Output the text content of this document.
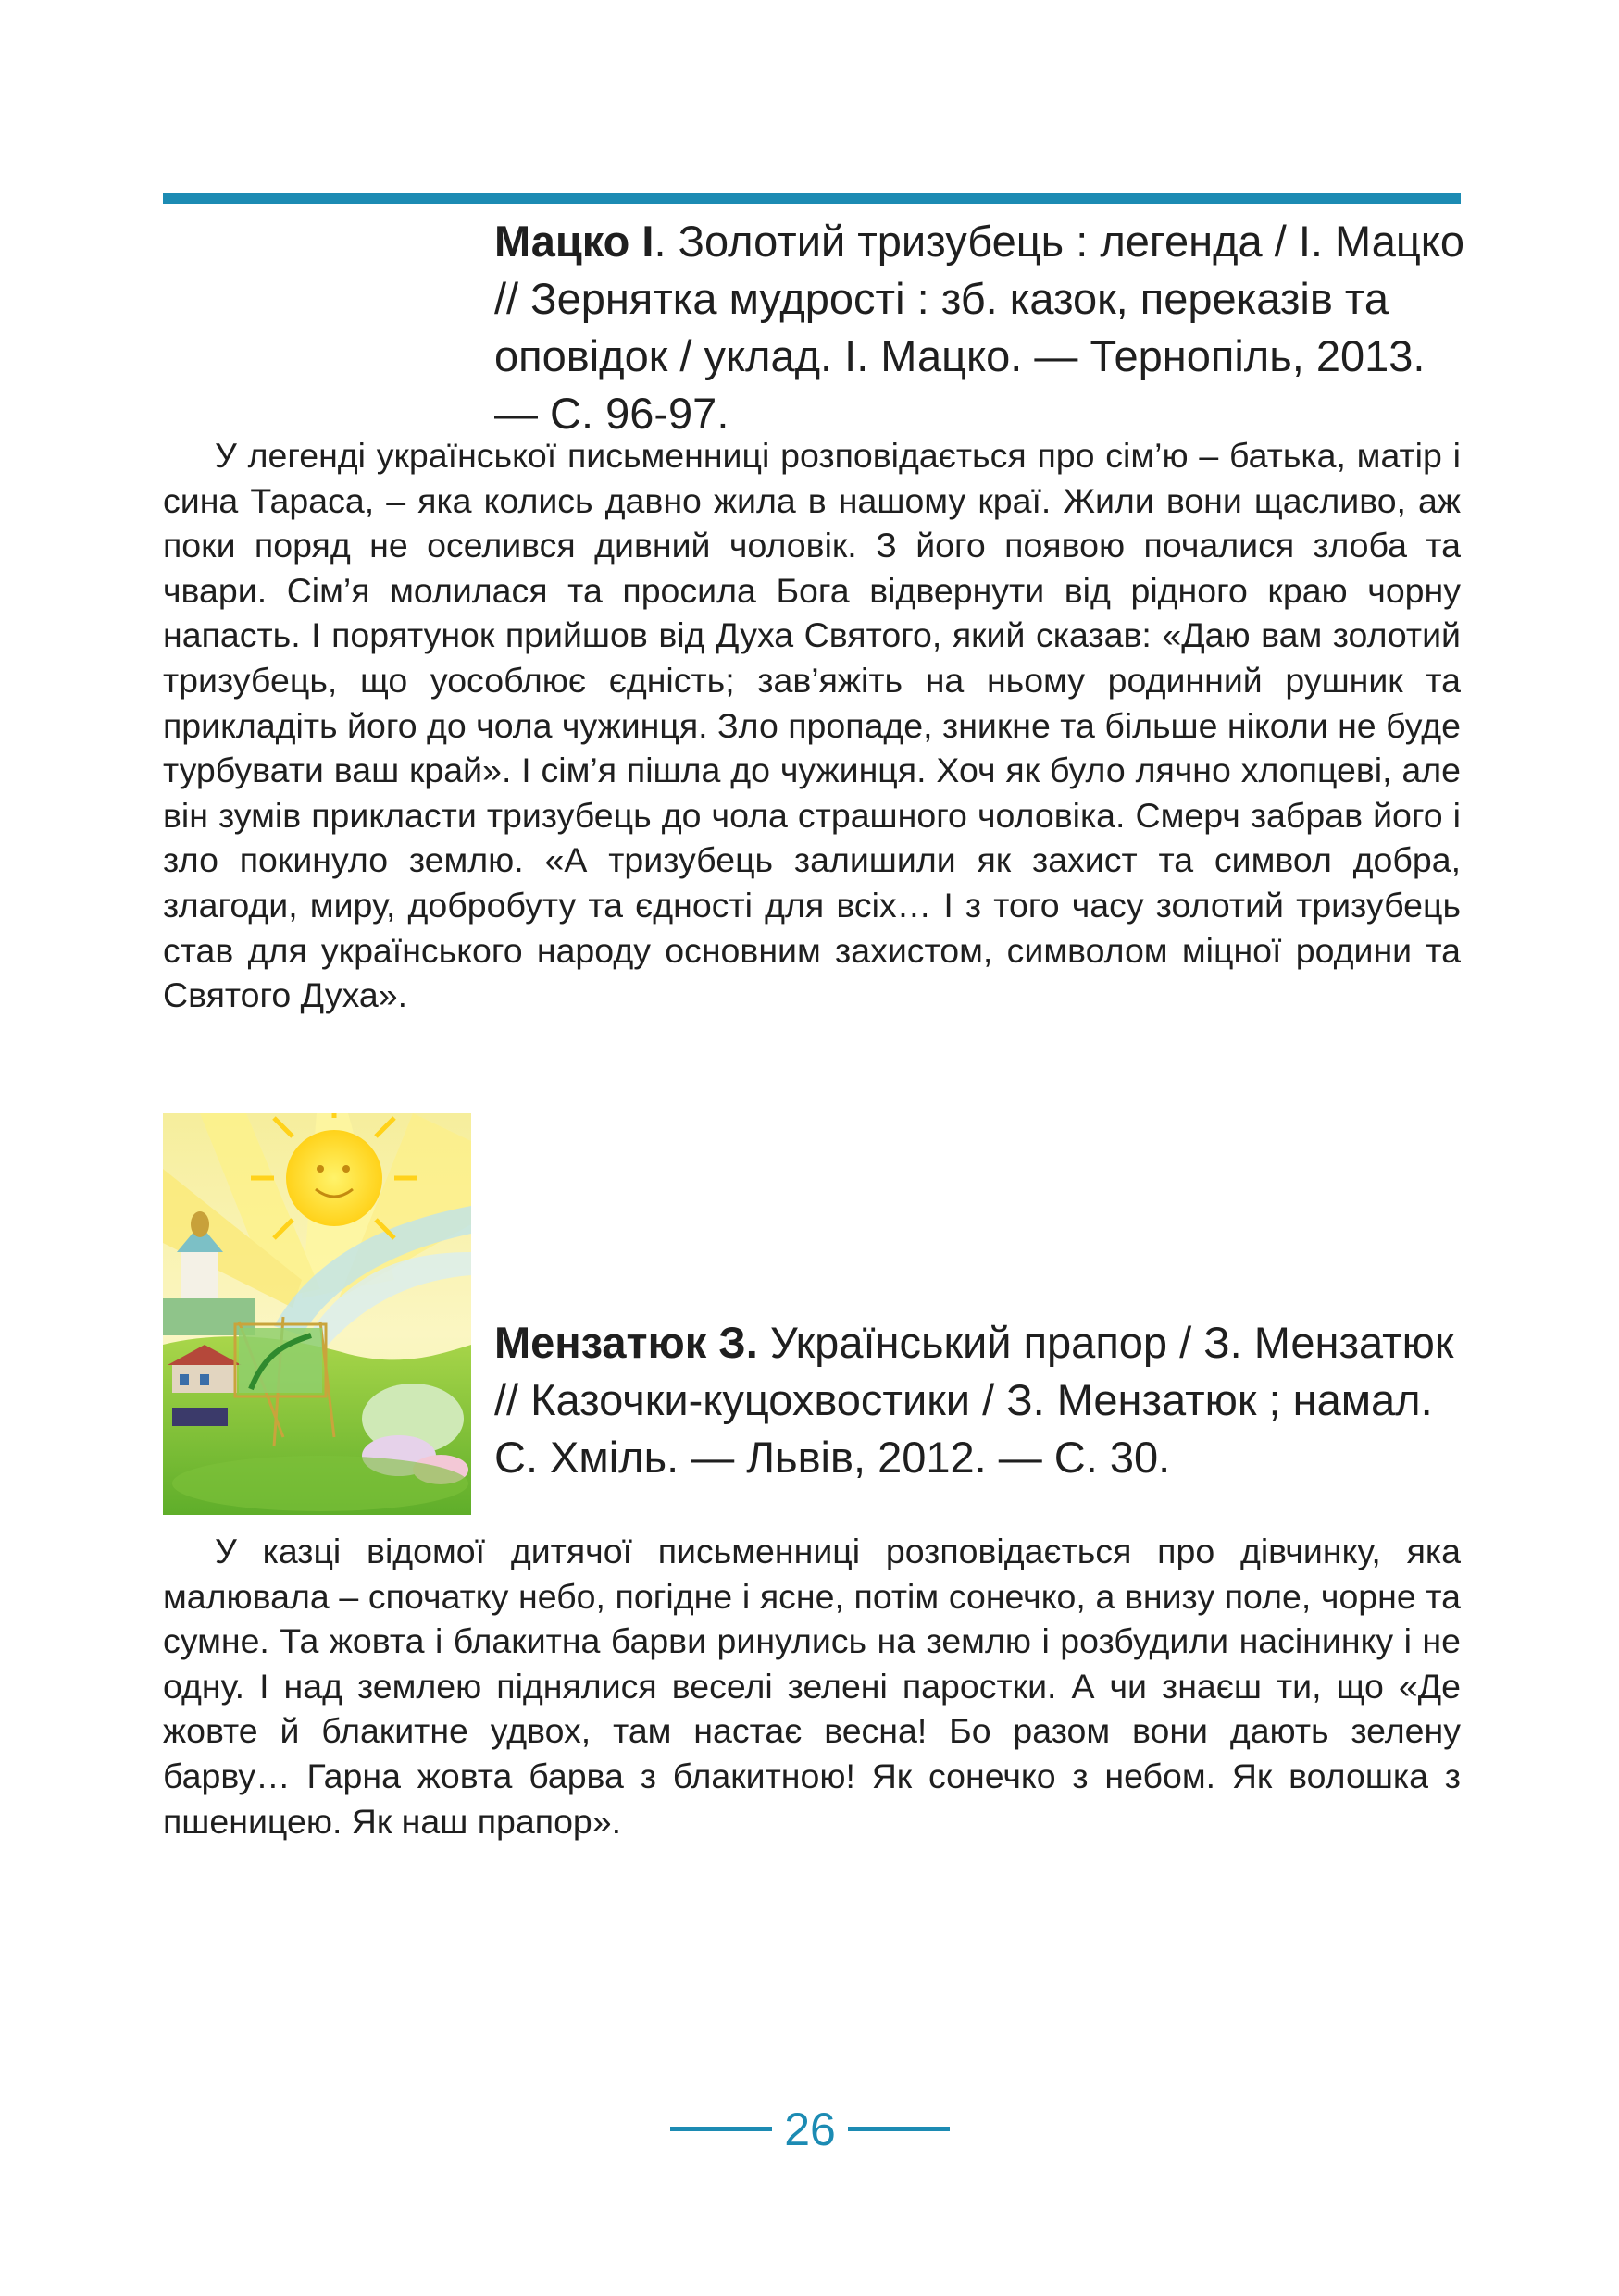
Мацко І. Золотий тризубець : легенда / І. Мацко // Зернятка мудрості : зб. казок, переказів та оповідок / уклад. І. Мацко. — Тернопіль, 2013. — С. 96-97.

У легенді української письменниці розповідається про сім’ю – батька, матір і сина Тараса, – яка колись давно жила в нашому краї. Жили вони щасливо, аж поки поряд не оселився дивний чоловік. З його появою почалися злоба та чвари. Сім’я молилася та просила Бога відвернути від рідного краю чорну напасть. І порятунок прийшов від Духа Святого, який сказав: «Даю вам золотий тризубець, що уособлює єдність; зав’яжіть на ньому родинний рушник та прикладіть його до чола чужинця. Зло пропаде, зникне та більше ніколи не буде турбувати ваш край». І сім’я пішла до чужинця. Хоч як було лячно хлопцеві, але він зумів прикласти тризубець до чола страшного чоловіка. Смерч забрав його і зло покинуло землю. «А тризубець залишили як захист та символ добра, злагоди, миру, добробуту та єдності для всіх… І з того часу золотий тризубець став для українського народу основним захистом, символом міцної родини та Святого Духа».

Мензатюк З. Український прапор / З. Мензатюк // Казочки-куцохвостики / З. Мензатюк ; намал. С. Хміль. — Львів, 2012. — С. 30.

У казці відомої дитячої письменниці розповідається про дівчинку, яка малювала – спочатку небо, погідне і ясне, потім сонечко, а внизу поле, чорне та сумне. Та жовта і блакитна барви ринулись на землю і розбудили насінинку і не одну. І над землею піднялися веселі зелені паростки. А чи знаєш ти, що «Де жовте й блакитне удвох, там настає весна! Бо разом вони дають зелену барву… Гарна жовта барва з блакитною! Як сонечко з небом. Як волошка з пшеницею. Як наш прапор».

26
